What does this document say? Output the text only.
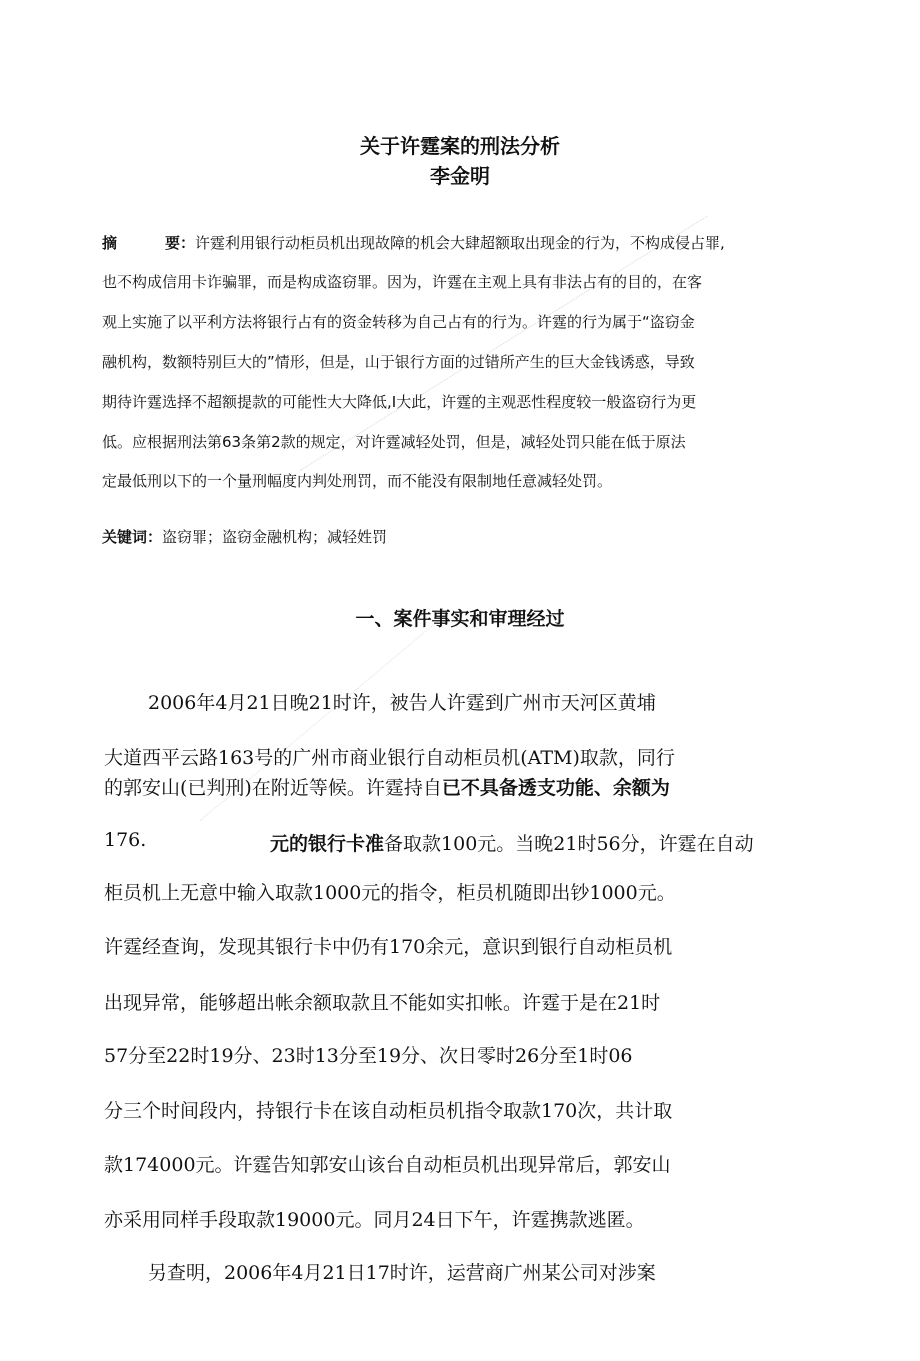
关于许霆案的刑法分析
李金明
摘	要：许霆利用银行动柜员机出现故障的机会大肆超额取出现金的行为，不构成侵占罪,
也不构成信用卡诈骗罪，而是构成盗窃罪。因为，许霆在主观上具有非法占有的目的，在客
观上实施了以平利方法将银行占有的资金转移为自己占有的行为。许霆的行为属于“盗窃金
融机构，数额特别巨大的”情形，但是，山于银行方面的过错所产生的巨大金钱诱惑，导致
期待许霆选择不超额提款的可能性大大降低,I大此，许霆的主观恶性程度较一般盗窃行为更
低。应根据刑法第63条第2款的规定，对许霆减轻处罚，但是，减轻处罚只能在低于原法
定最低刑以下的一个量刑幅度内判处刑罚，而不能没有限制地任意减轻处罚。
关键词：盗窃罪；盗窃金融机构；减轻姓罚
一、案件事实和审理经过
2006年4月21日晚21时许，被告人许霆到广州市天河区黄埔
大道西平云路163号的广州市商业银行自动柜员机(ATM)取款，同行
的郭安山(已判刑)在附近等候。许霆持自已不具备透支功能、余额为
176.	元的银行卡准备取款100元。当晚21时56分，许霆在自动
柜员机上无意中输入取款1000元的指令，柜员机随即出钞1000元。
许霆经查询，发现其银行卡中仍有170余元，意识到银行自动柜员机
出现异常，能够超出帐余额取款且不能如实扣帐。许霆于是在21时
57分至22时19分、23时13分至19分、次日零时26分至1时06
分三个时间段内，持银行卡在该自动柜员机指令取款170次，共计取
款174000元。许霆告知郭安山该台自动柜员机出现异常后，郭安山
亦采用同样手段取款19000元。同月24日下午，许霆携款逃匿。
另查明，2006年4月21日17时许，运营商广州某公司对涉案
